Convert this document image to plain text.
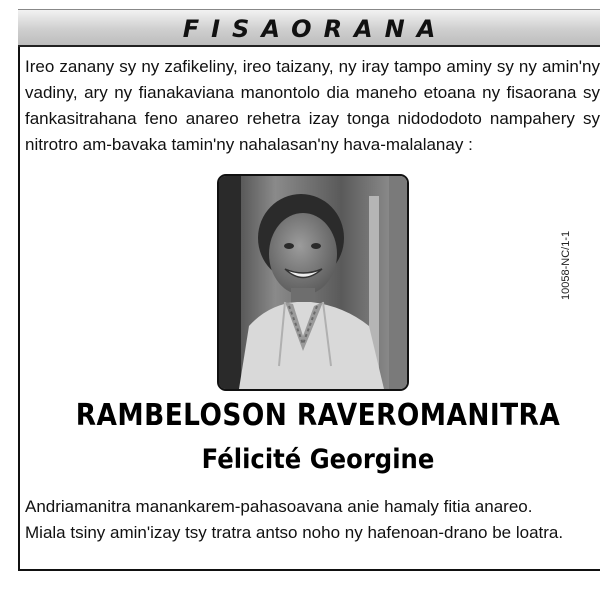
FISAORANA

Ireo zanany sy ny zafikeliny, ireo taizany, ny iray tampo aminy sy ny amin'ny vadiny, ary ny fianakaviana manontolo dia maneho etoana ny fisaorana sy fankasitrahana feno anareo rehetra izay tonga nidododoto nampahery sy nitrotro am-bavaka tamin'ny nahalasan'ny hava-malalanay :

10058-NC/1-1
RAMBELOSON RAVEROMANITRA
Félicité Georgine

Andriamanitra manankarem-pahasoavana anie hamaly fitia anareo.

Miala tsiny amin'izay tsy tratra antso noho ny hafenoan-drano be loatra.
